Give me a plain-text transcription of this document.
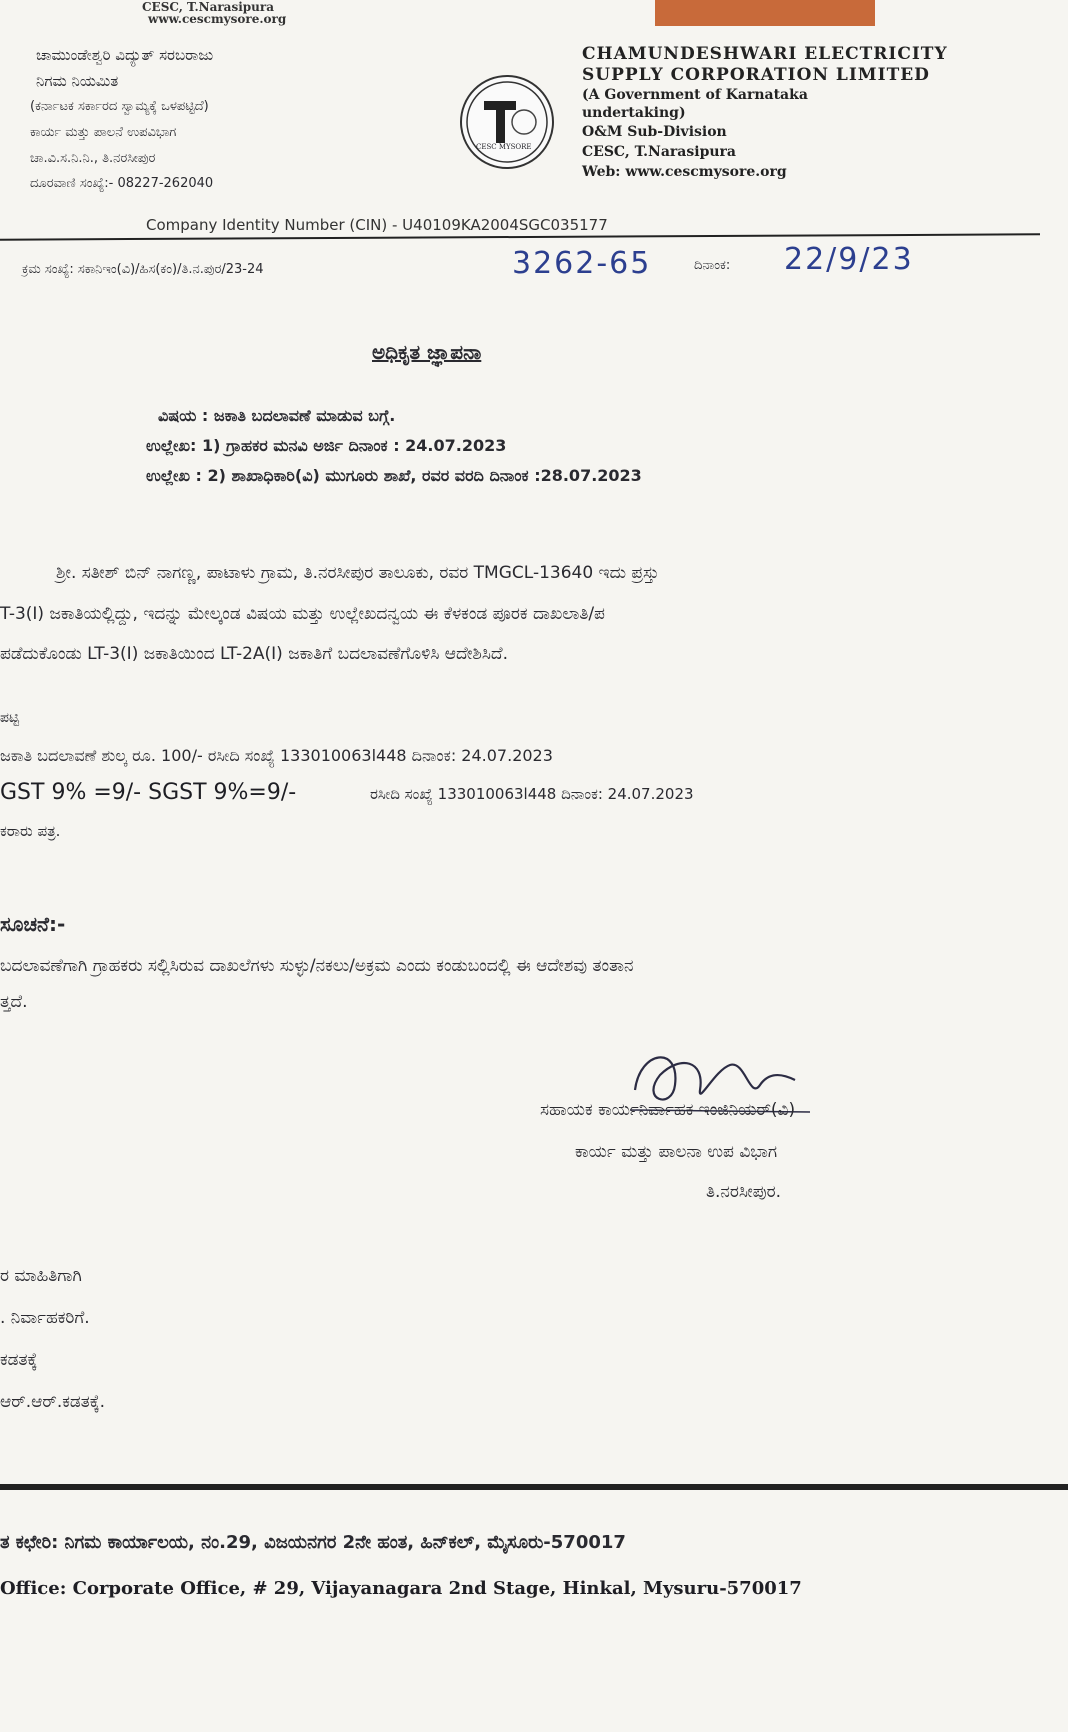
CESC, T.Narasipura
www.cescmysore.org
ಚಾಮುಂಡೇಶ್ವರಿ ವಿದ್ಯುತ್ ಸರಬರಾಜು
ನಿಗಮ ನಿಯಮಿತ
(ಕರ್ನಾಟಕ ಸರ್ಕಾರದ ಸ್ವಾಮ್ಯಕ್ಕೆ ಒಳಪಟ್ಟಿದೆ)
ಕಾರ್ಯ ಮತ್ತು ಪಾಲನೆ ಉಪವಿಭಾಗ
ಚಾ.ವಿ.ಸ.ನಿ.ನಿ., ತಿ.ನರಸೀಪುರ
ದೂರವಾಣಿ ಸಂಖ್ಯೆ:- 08227-262040
CESC MYSORE
CHAMUNDESHWARI ELECTRICITY
SUPPLY CORPORATION LIMITED
(A Government of Karnataka
undertaking)
O&M Sub-Division
CESC, T.Narasipura
Web: www.cescmysore.org
Company Identity Number (CIN) - U40109KA2004SGC035177
ಕ್ರಮ ಸಂಖ್ಯೆ: ಸಕಾನಿಇಂ(ವಿ)/ಹಿಸ(ಕಂ)/ತಿ.ನ.ಪುರ/23-24	3262-65	ದಿನಾಂಕ: 22/9/23
ಅಧಿಕೃತ ಜ್ಞಾಪನಾ
ವಿಷಯ : ಜಕಾತಿ ಬದಲಾವಣೆ ಮಾಡುವ ಬಗ್ಗೆ.
ಉಲ್ಲೇಖ: 1) ಗ್ರಾಹಕರ ಮನವಿ ಅರ್ಜಿ ದಿನಾಂಕ : 24.07.2023
ಉಲ್ಲೇಖ : 2) ಶಾಖಾಧಿಕಾರಿ(ವಿ) ಮುಗೂರು ಶಾಖೆ, ರವರ ವರದಿ ದಿನಾಂಕ :28.07.2023
ಶ್ರೀ. ಸತೀಶ್ ಬಿನ್ ನಾಗಣ್ಣ, ಪಾಟಾಳು ಗ್ರಾಮ, ತಿ.ನರಸೀಪುರ ತಾಲೂಕು, ರವರ TMGCL-13640 ಇದು ಪ್ರಸ್ತು
T-3(I) ಜಕಾತಿಯಲ್ಲಿದ್ದು, ಇದನ್ನು ಮೇಲ್ಕಂಡ ವಿಷಯ ಮತ್ತು ಉಲ್ಲೇಖದನ್ವಯ ಈ ಕೆಳಕಂಡ ಪೂರಕ ದಾಖಲಾತಿ/ಪ
ಪಡೆದುಕೊಂಡು LT-3(I) ಜಕಾತಿಯಿಂದ LT-2A(I) ಜಕಾತಿಗೆ ಬದಲಾವಣೆಗೊಳಿಸಿ ಆದೇಶಿಸಿದೆ.
ಪಟ್ಟಿ
ಜಕಾತಿ ಬದಲಾವಣೆ ಶುಲ್ಕ ರೂ. 100/- ರಸೀದಿ ಸಂಖ್ಯೆ 133010063l448 ದಿನಾಂಕ: 24.07.2023
GST 9% =9/- SGST 9%=9/-	ರಸೀದಿ ಸಂಖ್ಯೆ 133010063l448 ದಿನಾಂಕ: 24.07.2023
ಕರಾರು ಪತ್ರ.
ಸೂಚನೆ:-
ಬದಲಾವಣೆಗಾಗಿ ಗ್ರಾಹಕರು ಸಲ್ಲಿಸಿರುವ ದಾಖಲೆಗಳು ಸುಳ್ಳು/ನಕಲು/ಅಕ್ರಮ ಎಂದು ಕಂಡುಬಂದಲ್ಲಿ ಈ ಆದೇಶವು ತಂತಾನ
ತ್ತದೆ.
ಸಹಾಯಕ ಕಾರ್ಯನಿರ್ವಾಹಕ ಇಂಜಿನಿಯರ್(ವಿ)
ಕಾರ್ಯ ಮತ್ತು ಪಾಲನಾ ಉಪ ವಿಭಾಗ
ತಿ.ನರಸೀಪುರ.
ರ ಮಾಹಿತಿಗಾಗಿ
. ನಿರ್ವಾಹಕರಿಗೆ.
ಕಡತಕ್ಕೆ
ಆರ್.ಆರ್.ಕಡತಕ್ಕೆ.
ತ ಕಛೇರಿ: ನಿಗಮ ಕಾರ್ಯಾಲಯ, ನಂ.29, ವಿಜಯನಗರ 2ನೇ ಹಂತ, ಹಿನ್‌ಕಲ್, ಮೈಸೂರು-570017
Office: Corporate Office, # 29, Vijayanagara 2nd Stage, Hinkal, Mysuru-570017
